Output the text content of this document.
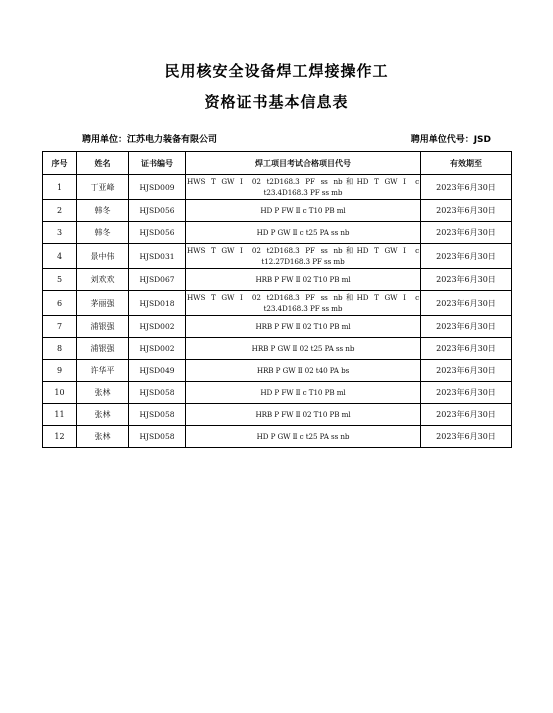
民用核安全设备焊工焊接操作工
资格证书基本信息表
聘用单位：江苏电力装备有限公司	聘用单位代号：JSD
序号	姓名	证书编号	焊工项目考试合格项目代号	有效期至
1	丁亚峰	HJSD009	HWS T GW Ⅰ 02 t2D168.3 PF ss nb和HD T GW Ⅰ c
t23.4D168.3 PF ss mb	2023年6月30日
2	韩冬	HJSD056	HD P FW Ⅱ c T10 PB ml	2023年6月30日
3	韩冬	HJSD056	HD P GW Ⅱ c t25 PA ss nb	2023年6月30日
4	景中伟	HJSD031	HWS T GW Ⅰ 02 t2D168.3 PF ss nb和HD T GW Ⅰ c
t12.27D168.3 PF ss mb	2023年6月30日
5	刘欢欢	HJSD067	HRB P FW Ⅱ 02 T10 PB ml	2023年6月30日
6	茅丽强	HJSD018	HWS T GW Ⅰ 02 t2D168.3 PF ss nb和HD T GW Ⅰ c
t23.4D168.3 PF ss mb	2023年6月30日
7	浦银强	HJSD002	HRB P FW Ⅱ 02 T10 PB ml	2023年6月30日
8	浦银强	HJSD002	HRB P GW Ⅱ 02 t25 PA ss nb	2023年6月30日
9	许华平	HJSD049	HRB P GW Ⅱ 02 t40 PA bs	2023年6月30日
10	张林	HJSD058	HD P FW Ⅱ c T10 PB ml	2023年6月30日
11	张林	HJSD058	HRB P FW Ⅱ 02 T10 PB ml	2023年6月30日
12	张林	HJSD058	HD P GW Ⅱ c t25 PA ss nb	2023年6月30日
